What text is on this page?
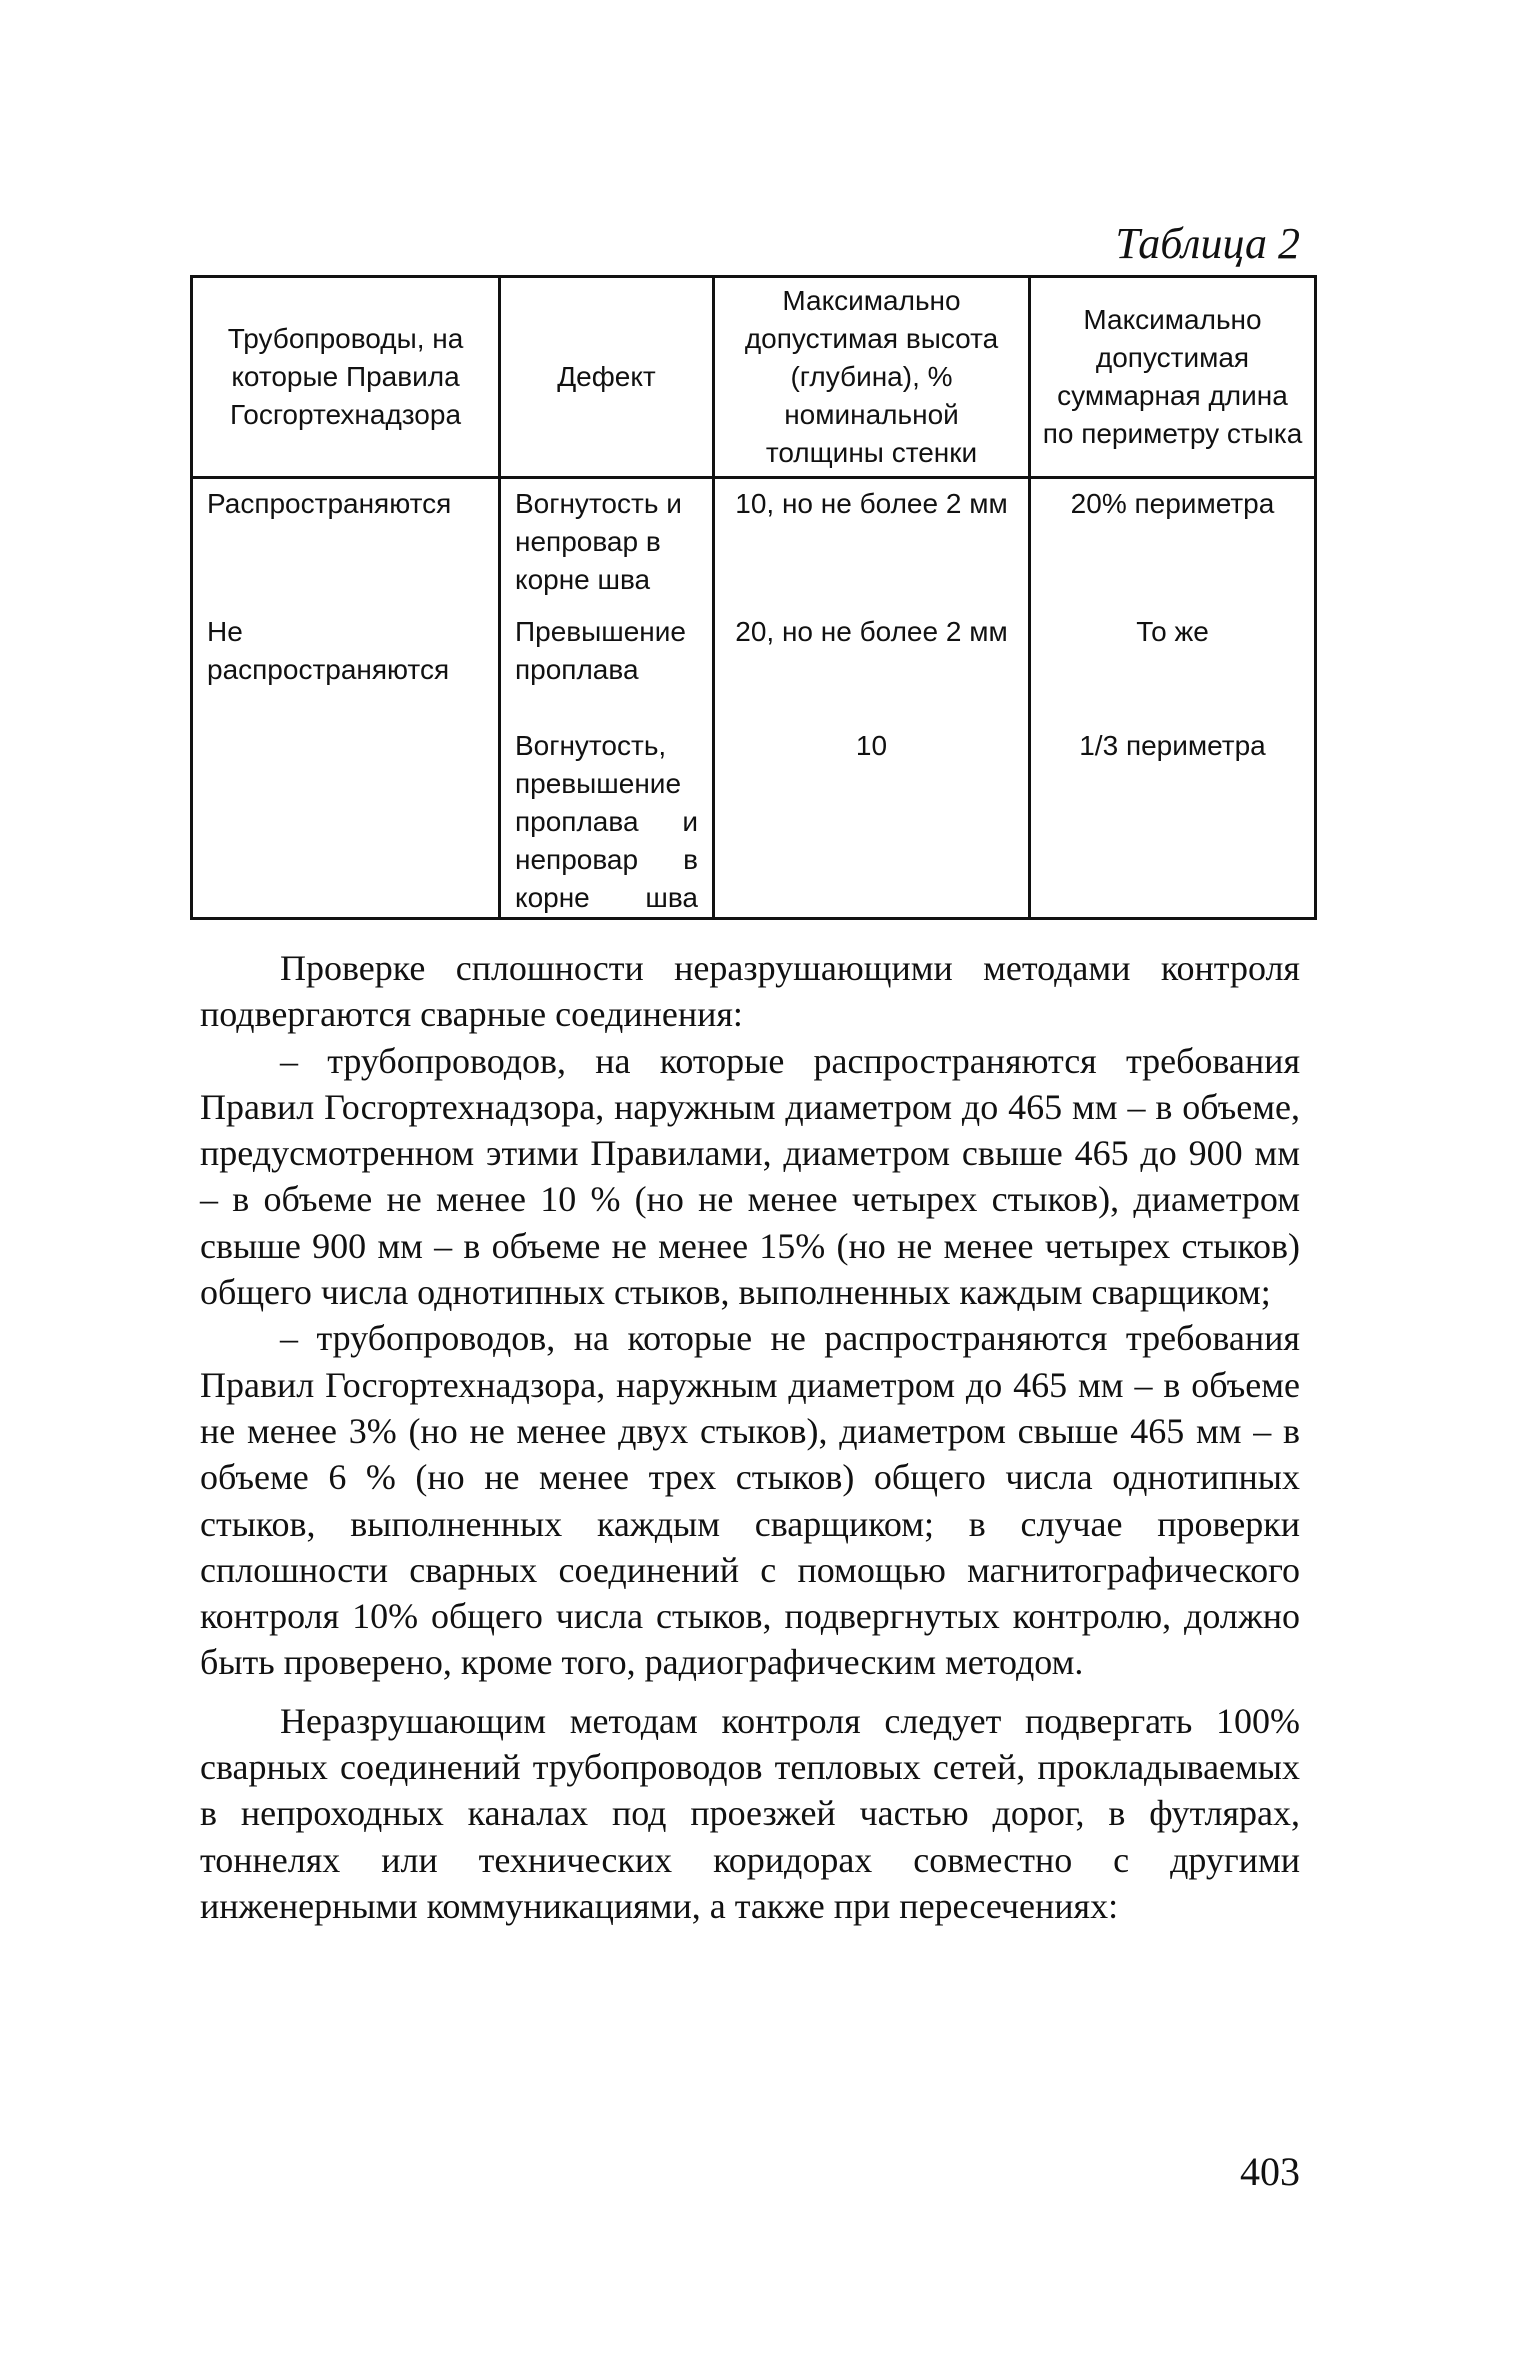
Таблица 2
Трубопроводы, на которые Правила Госгортехнадзора	Дефект	Максимально допустимая высота (глубина), % номинальной толщины стенки	Максимально допустимая суммарная длина по периметру стыка
Распространяются	Вогнутость и непровар в корне шва	10, но не более 2 мм	20% периметра
Не распространяются	Превышение проплава	20, но не более 2 мм	То же
	Вогнутость, превышение проплава и непровар в корне шва	10	1/3 периметра

Проверке сплошности неразрушающими методами контроля подвергаются сварные соединения:

– трубопроводов, на которые распространяются требования Правил Госгортехнадзора, наружным диаметром до 465 мм – в объеме, предусмотренном этими Правилами, диаметром свыше 465 до 900 мм – в объеме не менее 10 % (но не менее четырех стыков), диаметром свыше 900 мм – в объеме не менее 15% (но не менее четырех стыков) общего числа однотипных стыков, выполненных каждым сварщиком;

– трубопроводов, на которые не распространяются требования Правил Госгортехнадзора, наружным диаметром до 465 мм – в объеме не менее 3% (но не менее двух стыков), диаметром свыше 465 мм – в объеме 6 % (но не менее трех стыков) общего числа однотипных стыков, выполненных каждым сварщиком; в случае проверки сплошности сварных соединений с помощью магнитографического контроля 10% общего числа стыков, подвергнутых контролю, должно быть проверено, кроме того, радиографическим методом.

Неразрушающим методам контроля следует подвергать 100% сварных соединений трубопроводов тепловых сетей, прокладываемых в непроходных каналах под проезжей частью дорог, в футлярах, тоннелях или технических коридорах совместно с другими инженерными коммуникациями, а также при пересечениях:

403
